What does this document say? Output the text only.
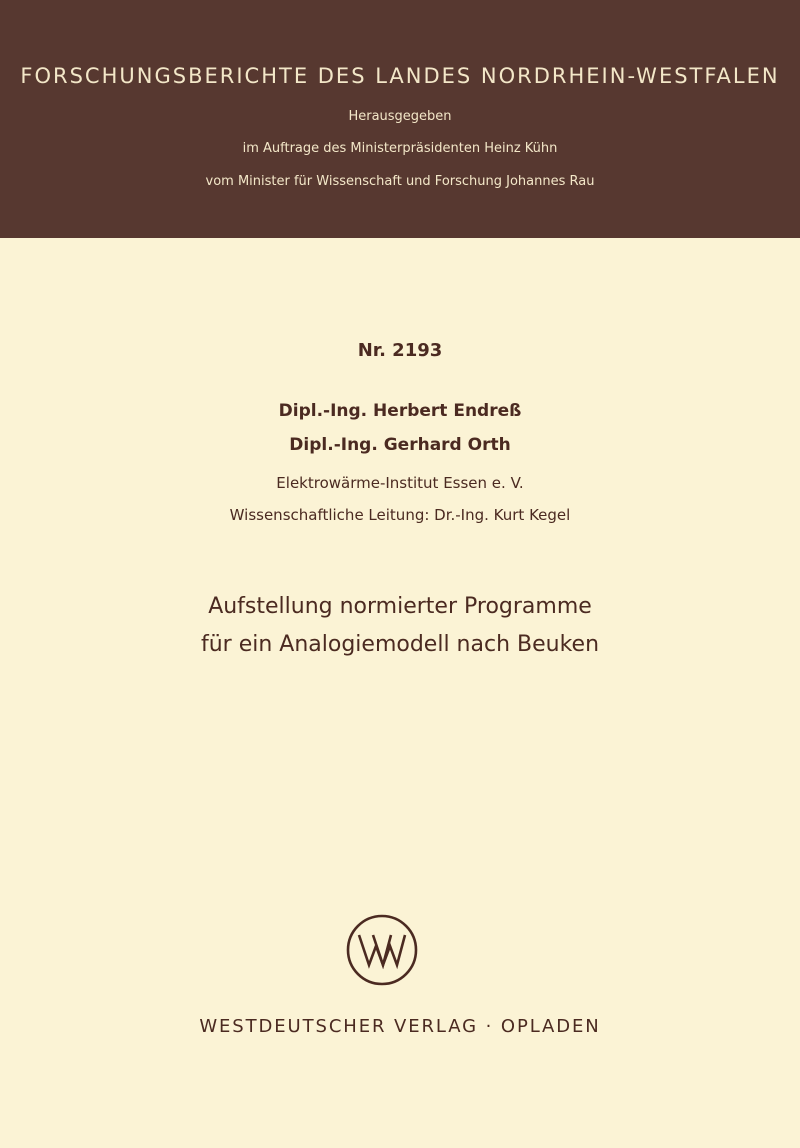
FORSCHUNGSBERICHTE DES LANDES NORDRHEIN-WESTFALEN
Herausgegeben
im Auftrage des Ministerpräsidenten Heinz Kühn
vom Minister für Wissenschaft und Forschung Johannes Rau
Nr. 2193
Dipl.-Ing. Herbert Endreß
Dipl.-Ing. Gerhard Orth
Elektrowärme-Institut Essen e. V.
Wissenschaftliche Leitung: Dr.-Ing. Kurt Kegel
Aufstellung normierter Programme
für ein Analogiemodell nach Beuken
WESTDEUTSCHER VERLAG · OPLADEN
